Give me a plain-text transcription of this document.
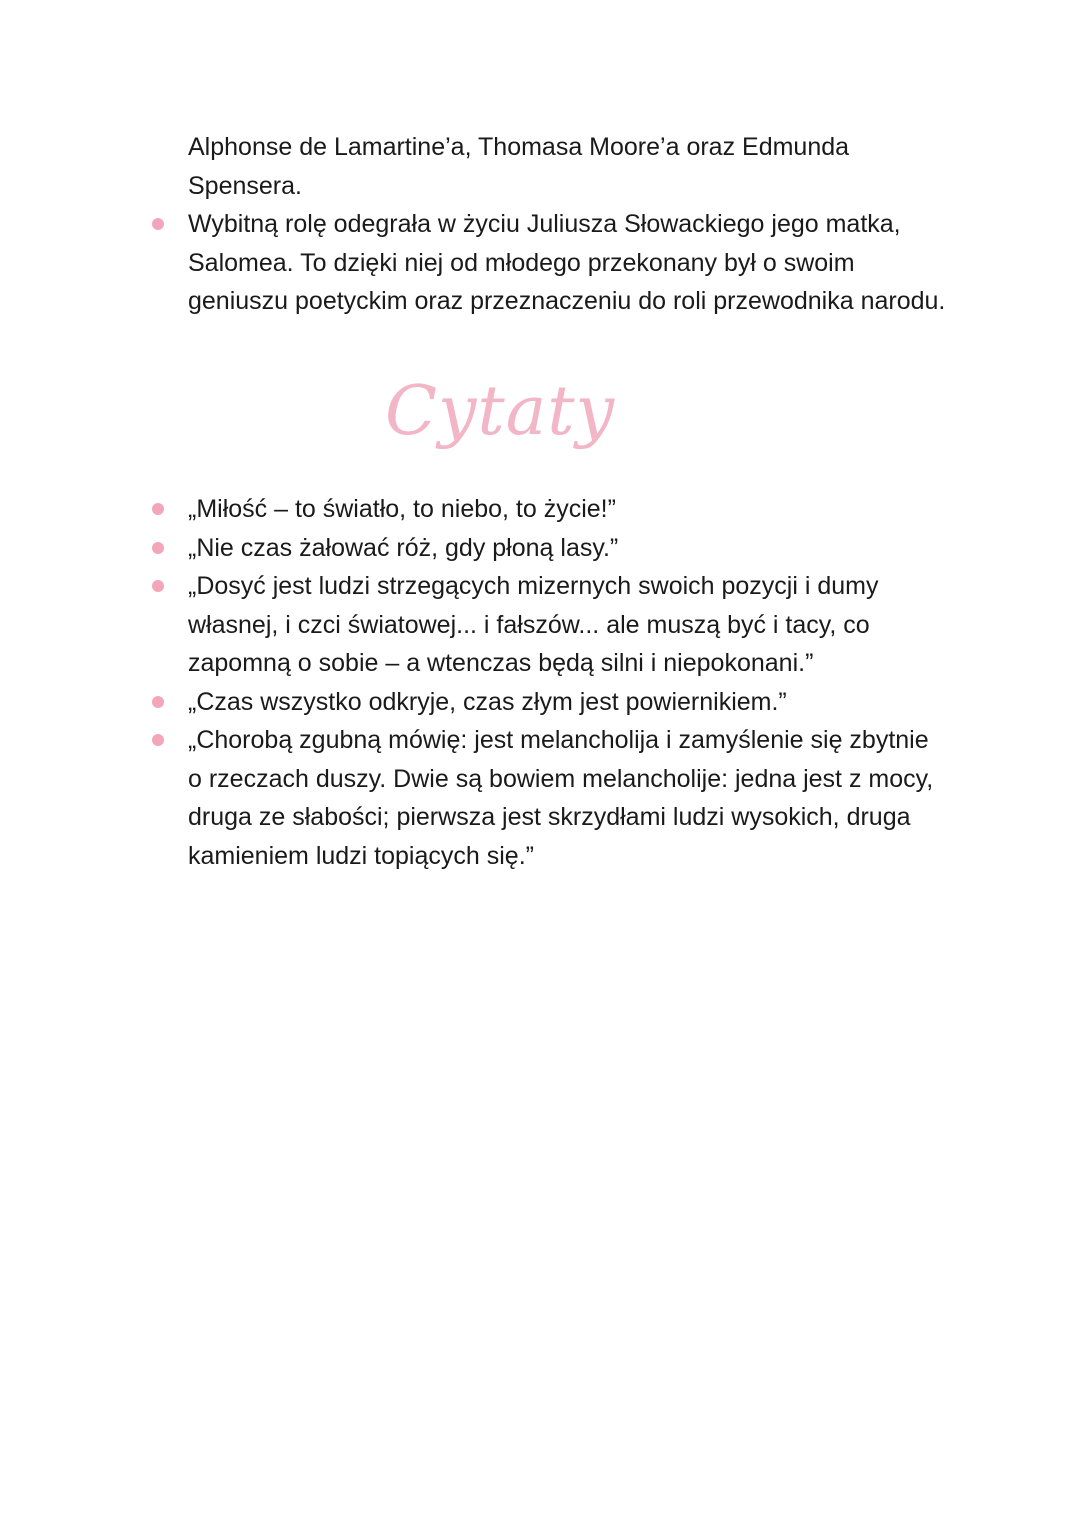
Alphonse de Lamartine’a, Thomasa Moore’a oraz Edmunda Spensera.

Wybitną rolę odegrała w życiu Juliusza Słowackiego jego matka, Salomea. To dzięki niej od młodego przekonany był o swoim geniuszu poetyckim oraz przeznaczeniu do roli przewodnika narodu.
Cytaty
„Miłość – to światło, to niebo, to życie!”
„Nie czas żałować róż, gdy płoną lasy.”
„Dosyć jest ludzi strzegących mizernych swoich pozycji i dumy własnej, i czci światowej... i fałszów... ale muszą być i tacy, co zapomną o sobie – a wtenczas będą silni i niepokonani.”
„Czas wszystko odkryje, czas złym jest powiernikiem.”
„Chorobą zgubną mówię: jest melancholija i zamyślenie się zbytnie o rzeczach duszy. Dwie są bowiem melancholije: jedna jest z mocy, druga ze słabości; pierwsza jest skrzydłami ludzi wysokich, druga kamieniem ludzi topiących się.”
